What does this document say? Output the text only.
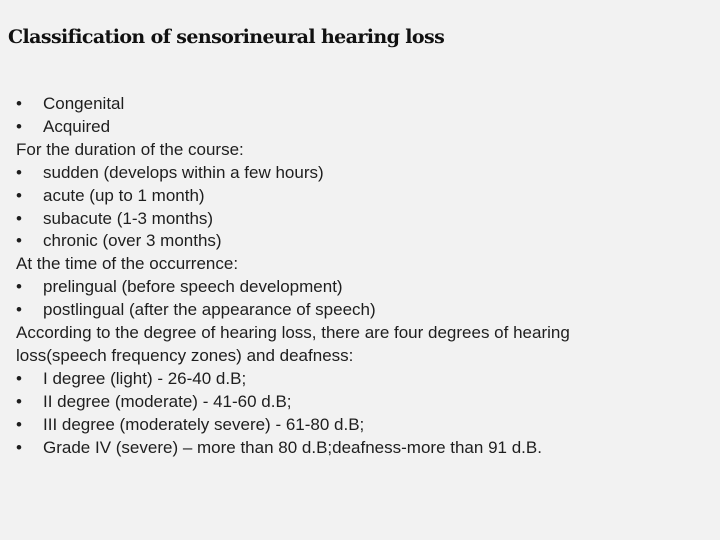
Classification of sensorineural hearing loss
• Congenital
• Acquired
For the duration of the course:
• sudden (develops within a few hours)
• acute (up to 1 month)
• subacute (1-3 months)
• chronic (over 3 months)
At the time of the occurrence:
• prelingual (before speech development)
• postlingual (after the appearance of speech)
According to the degree of hearing loss, there are four degrees of hearing
loss(speech frequency zones) and deafness:
• I degree (light) - 26-40 d.B;
• II degree (moderate) - 41-60 d.B;
• III degree (moderately severe) - 61-80 d.B;
• Grade IV (severe) – more than 80 d.B;deafness-more than 91 d.B.
